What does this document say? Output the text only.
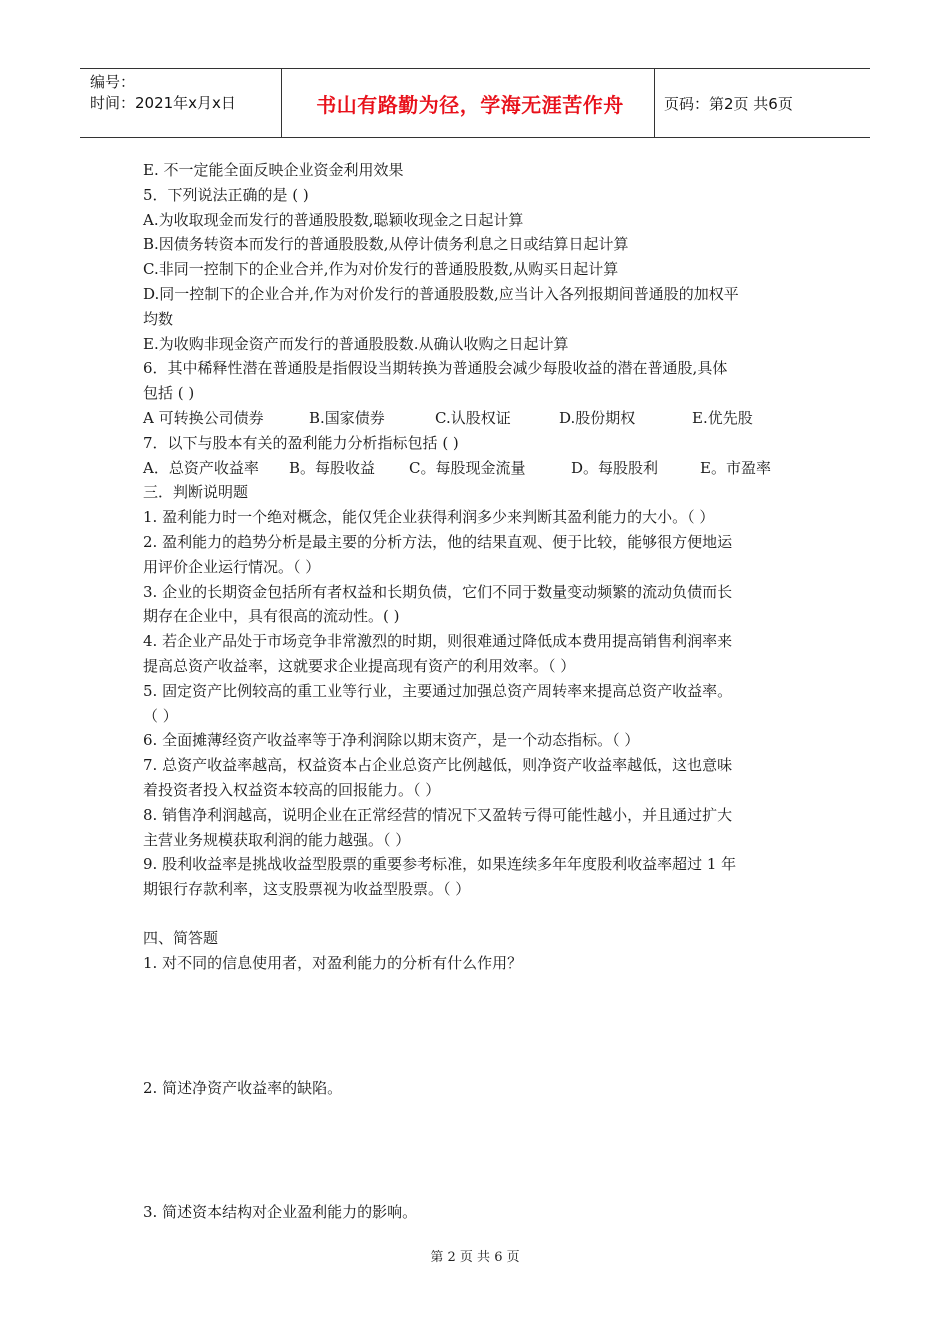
编号：
时间：2021年x月x日	书山有路勤为径，学海无涯苦作舟	页码：第2页 共6页
E. 不一定能全面反映企业资金利用效果
5．下列说法正确的是 ( )
A.为收取现金而发行的普通股股数,聪颖收现金之日起计算
B.因债务转资本而发行的普通股股数,从停计债务利息之日或结算日起计算
C.非同一控制下的企业合并,作为对价发行的普通股股数,从购买日起计算
D.同一控制下的企业合并,作为对价发行的普通股股数,应当计入各列报期间普通股的加权平
均数
E.为收购非现金资产而发行的普通股股数.从确认收购之日起计算
6．其中稀释性潜在普通股是指假设当期转换为普通股会减少每股收益的潜在普通股,具体
包括 ( )
A 可转换公司债券	B.国家债券	C.认股权证	D.股份期权	E.优先股
7．以下与股本有关的盈利能力分析指标包括 ( )
A．总资产收益率 B。每股收益 C。每股现金流量	D。每股股利	E。市盈率
三．判断说明题
1. 盈利能力时一个绝对概念，能仅凭企业获得利润多少来判断其盈利能力的大小。（ ）
2. 盈利能力的趋势分析是最主要的分析方法，他的结果直观、便于比较，能够很方便地运
用评价企业运行情况。（ ）
3. 企业的长期资金包括所有者权益和长期负债，它们不同于数量变动频繁的流动负债而长
期存在企业中，具有很高的流动性。( )
4. 若企业产品处于市场竞争非常激烈的时期，则很难通过降低成本费用提高销售利润率来
提高总资产收益率，这就要求企业提高现有资产的利用效率。（ ）
5. 固定资产比例较高的重工业等行业，主要通过加强总资产周转率来提高总资产收益率。
（ ）
6. 全面摊薄经资产收益率等于净利润除以期末资产，是一个动态指标。（ ）
7. 总资产收益率越高，权益资本占企业总资产比例越低，则净资产收益率越低，这也意味
着投资者投入权益资本较高的回报能力。（ ）
8. 销售净利润越高，说明企业在正常经营的情况下又盈转亏得可能性越小，并且通过扩大
主营业务规模获取利润的能力越强。（ ）
9. 股利收益率是挑战收益型股票的重要参考标准，如果连续多年年度股利收益率超过 1 年
期银行存款利率，这支股票视为收益型股票。（ ）
四、简答题
1. 对不同的信息使用者，对盈利能力的分析有什么作用？
2. 简述净资产收益率的缺陷。
3. 简述资本结构对企业盈利能力的影响。
第 2 页 共 6 页
